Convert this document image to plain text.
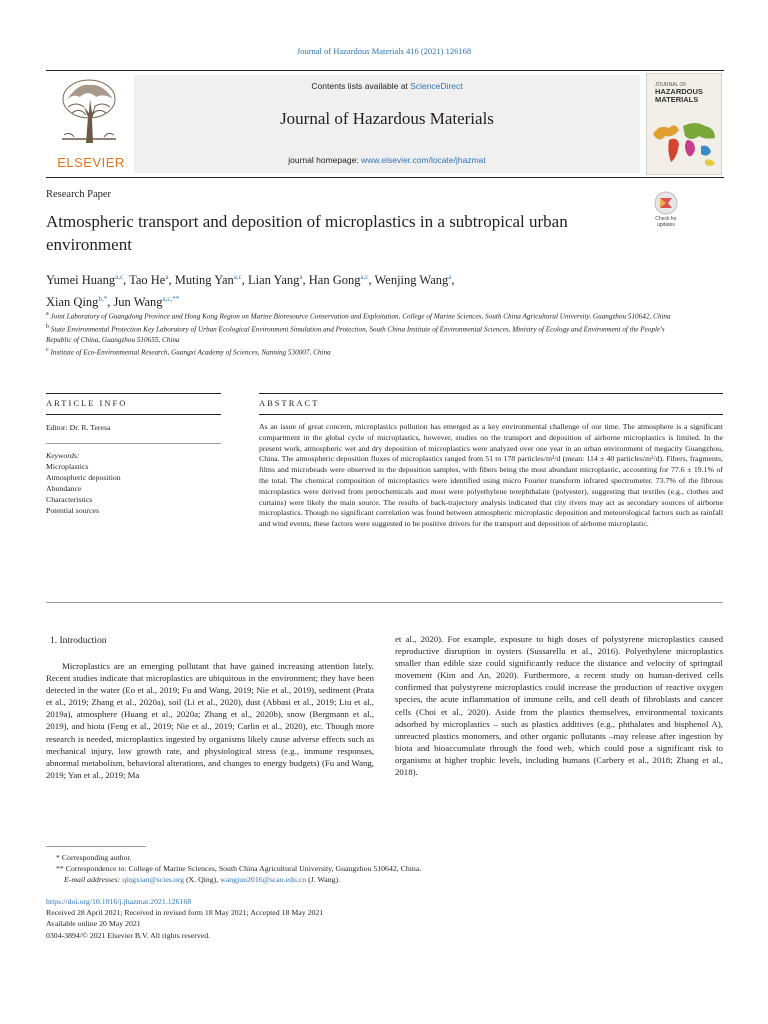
Journal of Hazardous Materials 416 (2021) 126168
ELSEVIER
Contents lists available at ScienceDirect
Journal of Hazardous Materials
journal homepage: www.elsevier.com/locate/jhazmat
JOURNAL OF
HAZARDOUS
MATERIALS
Research Paper
Atmospheric transport and deposition of microplastics in a subtropical urban environment
Check for updates
Yumei Huang$^{a,c}$, Tao He$^a$, Muting Yan$^{a,c}$, Lian Yang$^a$, Han Gong$^{a,c}$, Wenjing Wang$^a$,
Xian Qing$^{b,*}$, Jun Wang$^{a,c,**}$
$^a$ Joint Laboratory of Guangdong Province and Hong Kong Region on Marine Bioresource Conservation and Exploitation, College of Marine Sciences, South China Agricultural University, Guangzhou 510642, China
$^b$ State Environmental Protection Key Laboratory of Urban Ecological Environment Simulation and Protection, South China Institute of Environmental Sciences, Ministry of Ecology and Environment of the People's Republic of China, Guangzhou 510655, China
$^c$ Institute of Eco-Environmental Research, Guangxi Academy of Sciences, Nanning 530007, China
ARTICLE INFO
Editor: Dr. R. Teresa
Keywords:
Microplastics
Atmospheric deposition
Abundance
Characteristics
Potential sources
ABSTRACT
As an issue of great concern, microplastics pollution has emerged as a key environmental challenge of our time. The atmosphere is a significant compartment in the global cycle of microplastics, however, studies on the transport and deposition of airborne microplastics is limited. In the present work, atmospheric wet and dry deposition of microplastics were analyzed over one year in an urban environment of megacity Guangzhou, China. The atmospheric deposition fluxes of microplastics ranged from 51 to 178 particles/m²/d (mean: 114 ± 40 particles/m²/d). Fibers, fragments, films and microbeads were observed in the deposition samples, with fibers being the most abundant microplastic, accounting for 77.6 ± 19.1% of the total. The chemical composition of microplastics were identified using micro Fourier transform infrared spectrometer. 73.7% of the fibrous microplastics were derived from petrochemicals and most were polyethylene terephthalate (polyester), suggesting that textiles (e.g., clothes and curtains) were likely the main source. The results of back-trajectory analysis indicated that city rivers may act as secondary sources of airborne microplastics. Though no significant correlation was found between atmospheric microplastic deposition and meteorological factors such as rainfall and wind events, these factors were suggested to be positive drivers for the transport and deposition of airborne microplastic.
1. Introduction
Microplastics are an emerging pollutant that have gained increasing attention lately. Recent studies indicate that microplastics are ubiquitous in the environment; they have been detected in the water (Eo et al., 2019; Fu and Wang, 2019; Nie et al., 2019), sediment (Prata et al., 2019; Zhang et al., 2020a), soil (Li et al., 2020), dust (Abbasi et al., 2019; Liu et al., 2019a), atmosphere (Huang et al., 2020a; Zhang et al., 2020b), snow (Bergmann et al., 2019), and biota (Feng et al., 2019; Nie et al., 2019; Carlin et al., 2020), etc. Though more research is needed, microplastics ingested by organisms likely cause adverse effects such as mechanical injury, low growth rate, and physiological stress (e.g., immune responses, abnormal metabolism, behavioral alterations, and changes to energy budgets) (Fu and Wang, 2019; Yan et al., 2019; Ma
et al., 2020). For example, exposure to high doses of polystyrene microplastics caused reproductive disruption in oysters (Sussarellu et al., 2016). Polyethylene microplastics smaller than edible size could significantly reduce the distance and velocity of springtail movement (Kim and An, 2020). Furthermore, a recent study on human-derived cells confirmed that polystyrene microplastics could increase the production of reactive oxygen species, the acute inflammation of immune cells, and cell death of fibroblasts and cancer cells (Choi et al., 2020). Aside from the plastics themselves, environmental toxicants adsorbed by microplastics – such as plastics additives (e.g., phthalates and bisphenol A), unreacted plastics monomers, and other organic pollutants –may release after ingestion by biota and bioaccumulate through the food web, which could pose a significant risk to organisms at higher trophic levels, including humans (Carbery et al., 2018; Zhang et al., 2018).
* Corresponding author.
** Correspondence to: College of Marine Sciences, South China Agricultural University, Guangzhou 510642, China.
E-mail addresses: qingxian@scies.org (X. Qing), wangjun2016@scau.edu.cn (J. Wang).
https://doi.org/10.1016/j.jhazmat.2021.126168
Received 28 April 2021; Received in revised form 18 May 2021; Accepted 18 May 2021
Available online 20 May 2021
0304-3894/© 2021 Elsevier B.V. All rights reserved.
